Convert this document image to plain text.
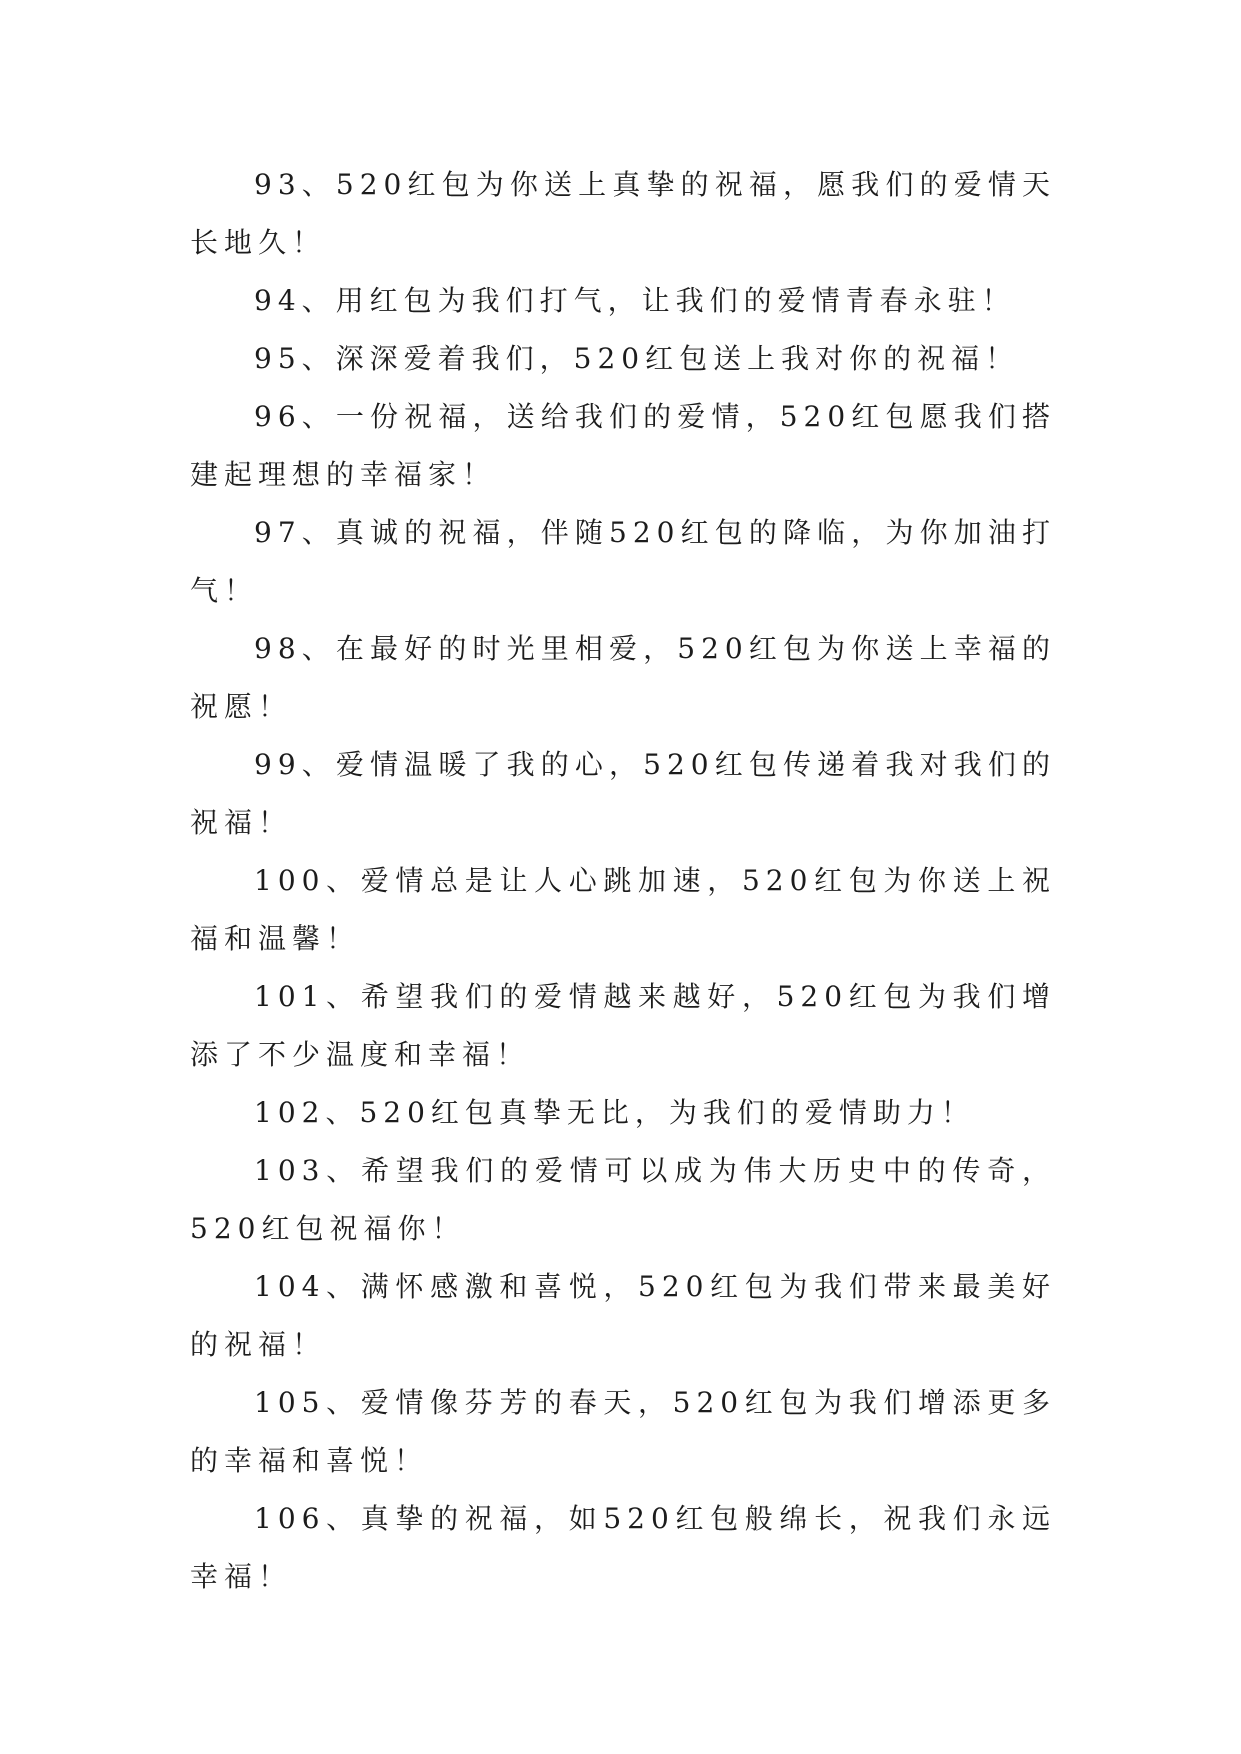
93、520红包为你送上真挚的祝福，愿我们的爱情天长地久！

94、用红包为我们打气，让我们的爱情青春永驻！

95、深深爱着我们，520红包送上我对你的祝福！

96、一份祝福，送给我们的爱情，520红包愿我们搭建起理想的幸福家！

97、真诚的祝福，伴随520红包的降临，为你加油打气！

98、在最好的时光里相爱，520红包为你送上幸福的祝愿！

99、爱情温暖了我的心，520红包传递着我对我们的祝福！

100、爱情总是让人心跳加速，520红包为你送上祝福和温馨！

101、希望我们的爱情越来越好，520红包为我们增添了不少温度和幸福！

102、520红包真挚无比，为我们的爱情助力！

103、希望我们的爱情可以成为伟大历史中的传奇，520红包祝福你！

104、满怀感激和喜悦，520红包为我们带来最美好的祝福！

105、爱情像芬芳的春天，520红包为我们增添更多的幸福和喜悦！

106、真挚的祝福，如520红包般绵长，祝我们永远幸福！
